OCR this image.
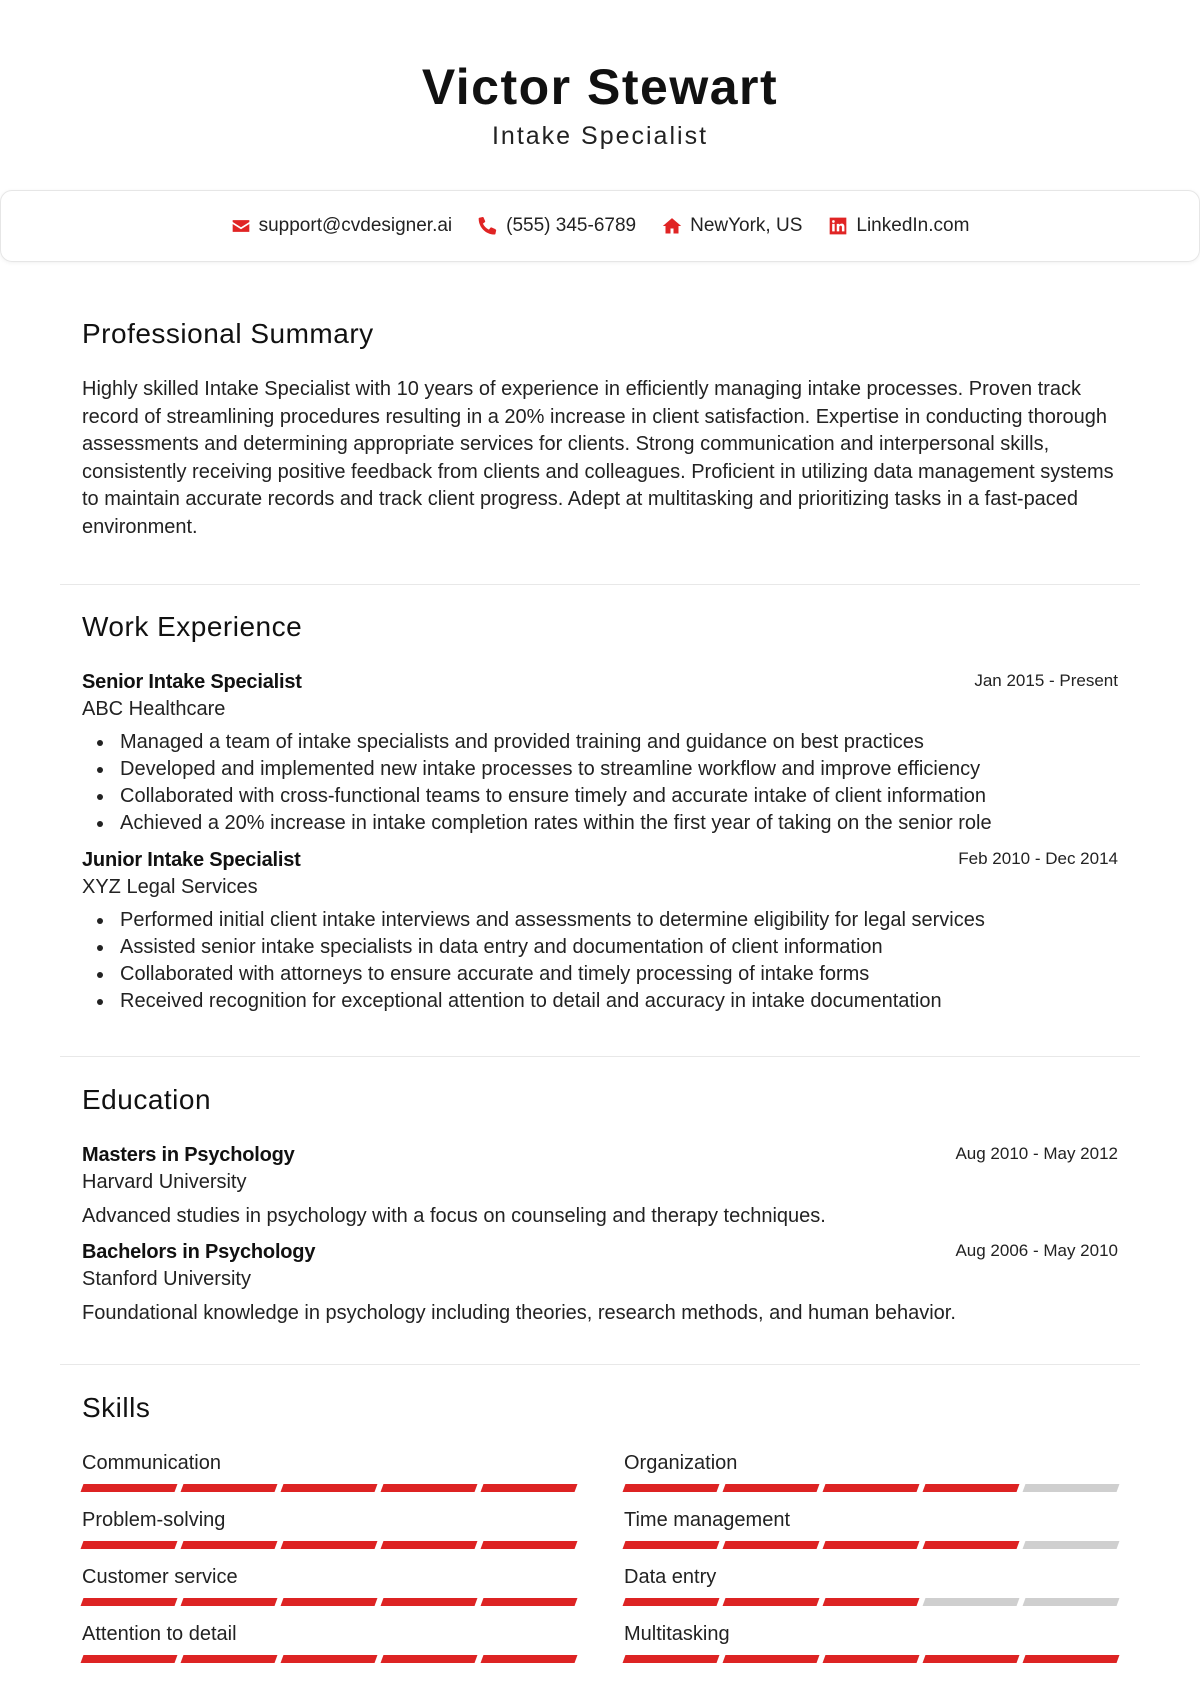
Victor Stewart
Intake Specialist
support@cvdesigner.ai	(555) 345-6789	NewYork, US	LinkedIn.com
Professional Summary

Highly skilled Intake Specialist with 10 years of experience in efficiently managing intake processes. Proven track record of streamlining procedures resulting in a 20% increase in client satisfaction. Expertise in conducting thorough assessments and determining appropriate services for clients. Strong communication and interpersonal skills, consistently receiving positive feedback from clients and colleagues. Proficient in utilizing data management systems to maintain accurate records and track client progress. Adept at multitasking and prioritizing tasks in a fast-paced environment.

Work Experience
Senior Intake Specialist	Jan 2015 - Present
ABC Healthcare
Managed a team of intake specialists and provided training and guidance on best practices
Developed and implemented new intake processes to streamline workflow and improve efficiency
Collaborated with cross-functional teams to ensure timely and accurate intake of client information
Achieved a 20% increase in intake completion rates within the first year of taking on the senior role
Junior Intake Specialist	Feb 2010 - Dec 2014
XYZ Legal Services
Performed initial client intake interviews and assessments to determine eligibility for legal services
Assisted senior intake specialists in data entry and documentation of client information
Collaborated with attorneys to ensure accurate and timely processing of intake forms
Received recognition for exceptional attention to detail and accuracy in intake documentation
Education
Masters in Psychology	Aug 2010 - May 2012
Harvard University
Advanced studies in psychology with a focus on counseling and therapy techniques.
Bachelors in Psychology	Aug 2006 - May 2010
Stanford University
Foundational knowledge in psychology including theories, research methods, and human behavior.
Skills
Communication	Organization
Problem-solving	Time management
Customer service	Data entry
Attention to detail	Multitasking
